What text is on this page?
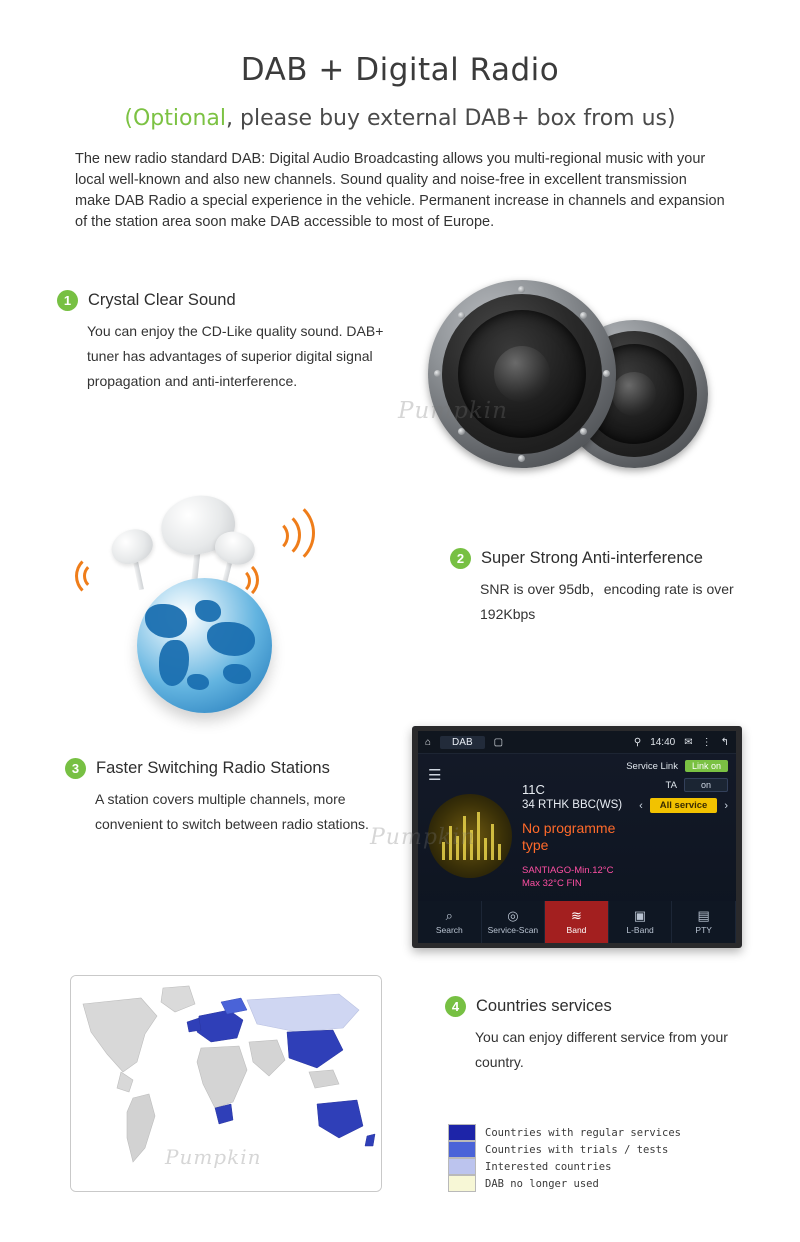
DAB + Digital Radio
(Optional, please buy external DAB+ box from us)
The new radio standard DAB: Digital Audio Broadcasting allows you multi-regional music with your local well-known and also new channels. Sound quality and noise-free in excellent transmission make DAB Radio a special experience in the vehicle. Permanent increase in channels and expansion of the station area soon make DAB accessible to most of Europe.
1	Crystal Clear Sound
You can enjoy the CD-Like quality sound. DAB+ tuner has advantages of superior digital signal propagation and anti-interference.
Pumpkin
2	Super Strong Anti-interference
SNR is over 95db，encoding rate is over 192Kbps
3	Faster Switching Radio Stations
A station covers multiple channels, more convenient to switch between radio stations.
⌂	DAB	▢	⚲ 14:40 ✉ ⋮ ↰
☰
11C
34 RTHK BBC(WS)
No programme type
SANTIAGO-Min.12°C
Max 32°C FIN
Service Link	Link on
TA	on
‹	All service	›
⌕
Search
◎
Service-Scan
≋
Band
▣
L-Band
▤
PTY
Pumpkin
4	Countries services
You can enjoy different service from your country.
Pumpkin
Countries with regular services
Countries with trials / tests
Interested countries
DAB no longer used
